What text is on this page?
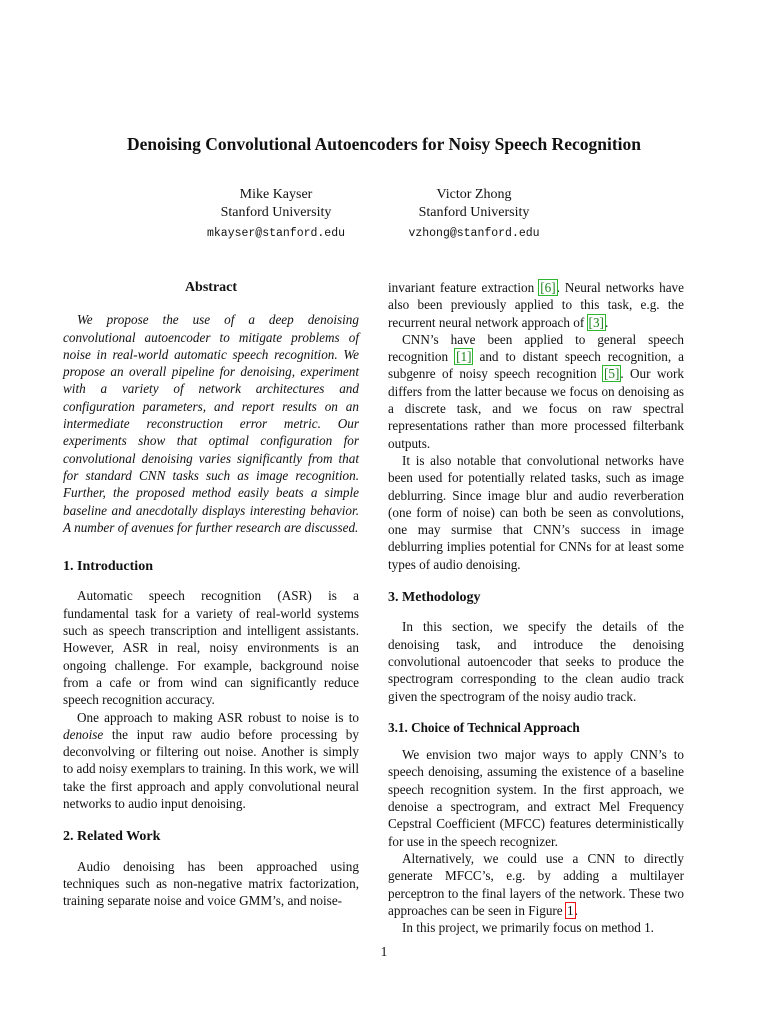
Denoising Convolutional Autoencoders for Noisy Speech Recognition
Mike Kayser
Stanford University
mkayser@stanford.edu
Victor Zhong
Stanford University
vzhong@stanford.edu
Abstract

We propose the use of a deep denoising convolutional autoencoder to mitigate problems of noise in real-world automatic speech recognition. We propose an overall pipeline for denoising, experiment with a variety of network architectures and configuration parameters, and report results on an intermediate reconstruction error metric. Our experiments show that optimal configuration for convolutional denoising varies significantly from that for standard CNN tasks such as image recognition. Further, the proposed method easily beats a simple baseline and anecdotally displays interesting behavior. A number of avenues for further research are discussed.

1. Introduction

Automatic speech recognition (ASR) is a fundamental task for a variety of real-world systems such as speech transcription and intelligent assistants. However, ASR in real, noisy environments is an ongoing challenge. For example, background noise from a cafe or from wind can significantly reduce speech recognition accuracy.

One approach to making ASR robust to noise is to denoise the input raw audio before processing by deconvolving or filtering out noise. Another is simply to add noisy exemplars to training. In this work, we will take the first approach and apply convolutional neural networks to audio input denoising.

2. Related Work

Audio denoising has been approached using techniques such as non-negative matrix factorization, training separate noise and voice GMM’s, and noise-

invariant feature extraction [ 6 ] . Neural networks have also been previously applied to this task, e.g. the recurrent neural network approach of [ 3 ] .

CNN’s have been applied to general speech recognition [ 1 ] and to distant speech recognition, a subgenre of noisy speech recognition [ 5 ] . Our work differs from the latter because we focus on denoising as a discrete task, and we focus on raw spectral representations rather than more processed filterbank outputs.

It is also notable that convolutional networks have been used for potentially related tasks, such as image deblurring. Since image blur and audio reverberation (one form of noise) can both be seen as convolutions, one may surmise that CNN’s success in image deblurring implies potential for CNNs for at least some types of audio denoising.

3. Methodology

In this section, we specify the details of the denoising task, and introduce the denoising convolutional autoencoder that seeks to produce the spectrogram corresponding to the clean audio track given the spectrogram of the noisy audio track.

3.1. Choice of Technical Approach

We envision two major ways to apply CNN’s to speech denoising, assuming the existence of a baseline speech recognition system. In the first approach, we denoise a spectrogram, and extract Mel Frequency Cepstral Coefficient (MFCC) features deterministically for use in the speech recognizer.

Alternatively, we could use a CNN to directly generate MFCC’s, e.g. by adding a multilayer perceptron to the final layers of the network. These two approaches can be seen in Figure 1.

In this project, we primarily focus on method 1.

1
